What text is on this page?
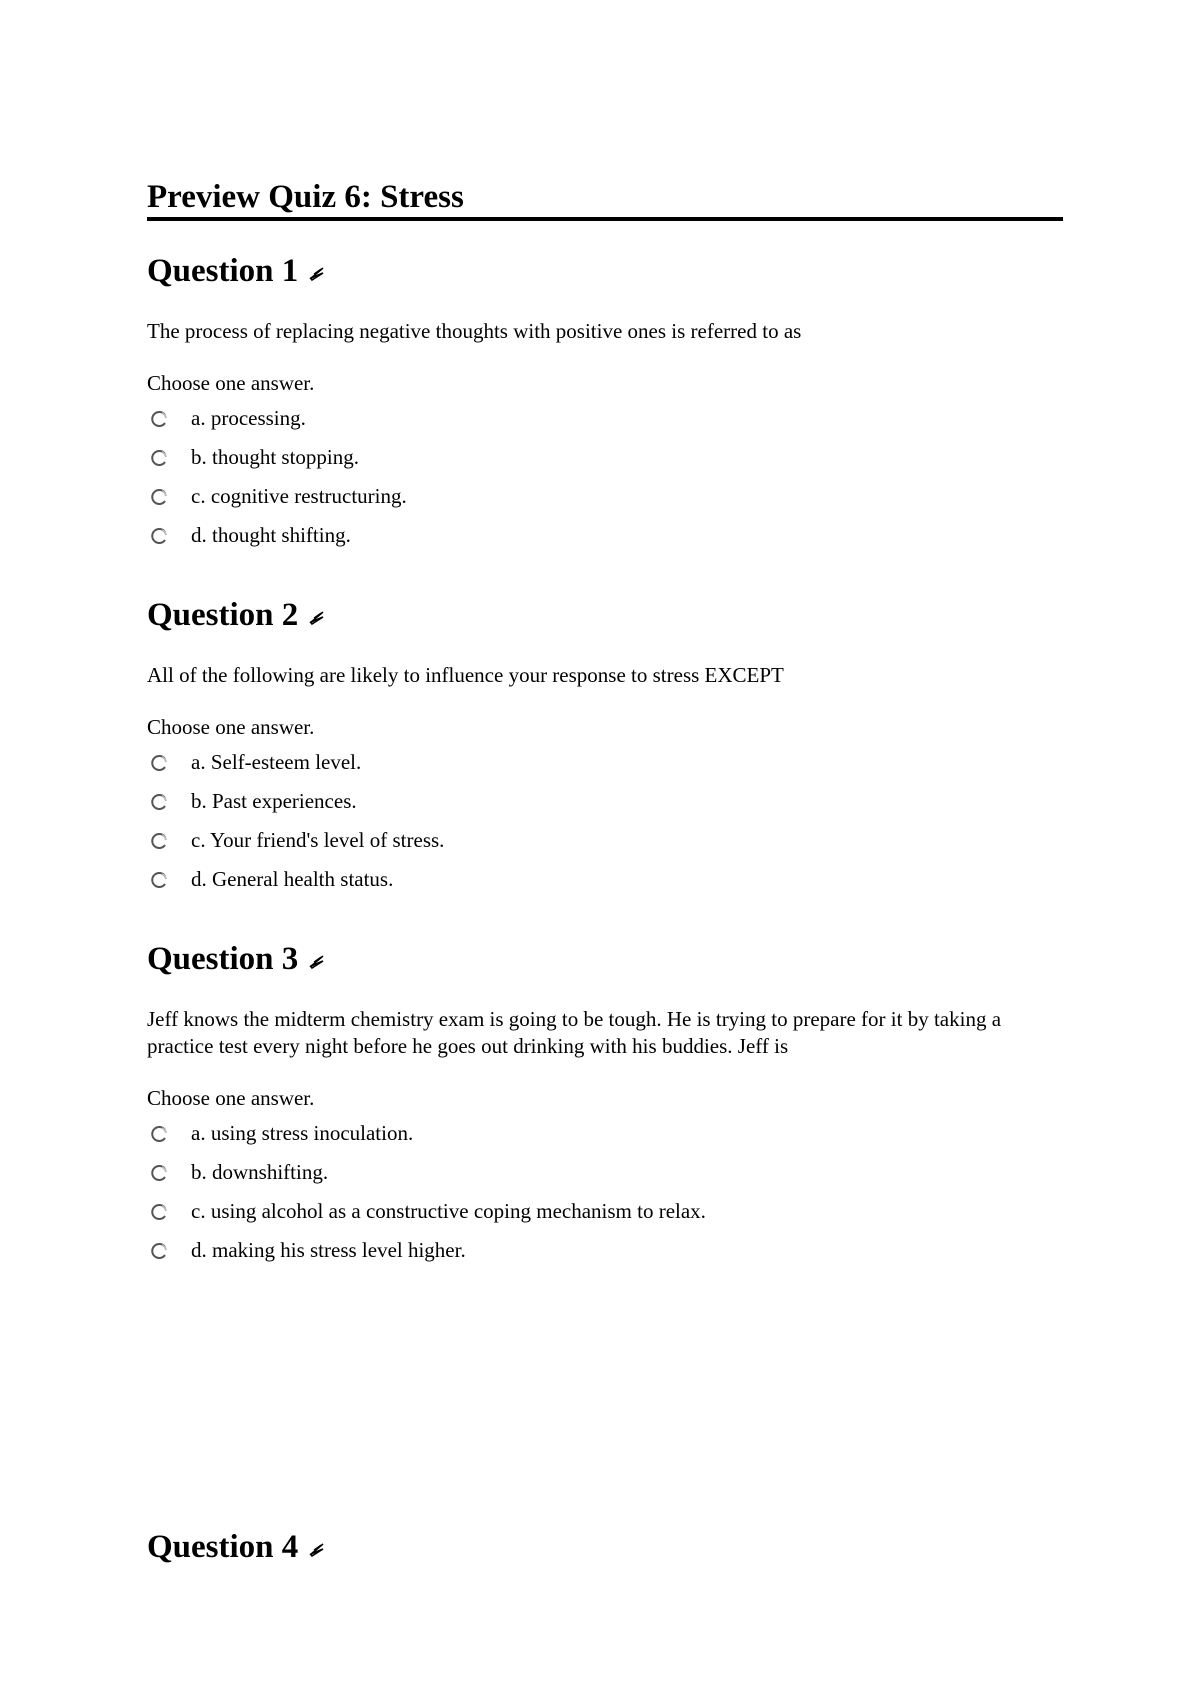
Preview Quiz 6: Stress
Question 1

The process of replacing negative thoughts with positive ones is referred to as

Choose one answer.

a. processing.
b. thought stopping.
c. cognitive restructuring.
d. thought shifting.
Question 2

All of the following are likely to influence your response to stress EXCEPT

Choose one answer.

a. Self-esteem level.
b. Past experiences.
c. Your friend's level of stress.
d. General health status.
Question 3

Jeff knows the midterm chemistry exam is going to be tough. He is trying to prepare for it by taking a practice test every night before he goes out drinking with his buddies. Jeff is

Choose one answer.

a. using stress inoculation.
b. downshifting.
c. using alcohol as a constructive coping mechanism to relax.
d. making his stress level higher.
Question 4
